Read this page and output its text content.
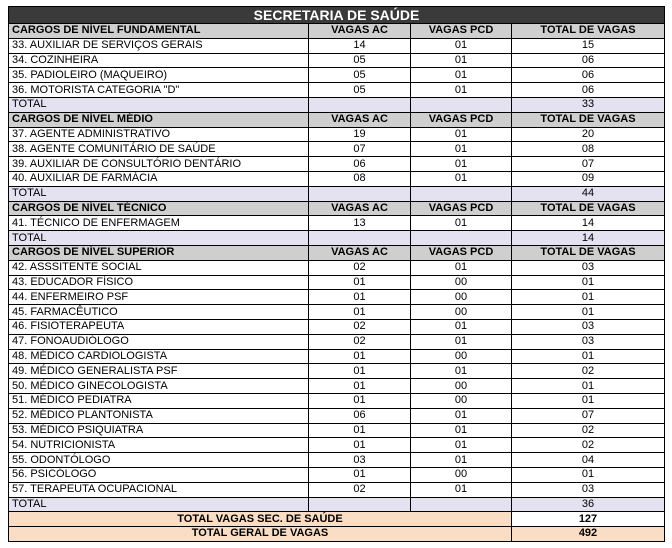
SECRETARIA DE SAÚDE			
CARGOS DE NÍVEL FUNDAMENTAL	VAGAS AC	VAGAS PCD	TOTAL DE VAGAS
33. AUXILIAR DE SERVIÇOS GERAIS	14	01	15
34. COZINHEIRA	05	01	06
35. PADIOLEIRO (MAQUEIRO)	05	01	06
36. MOTORISTA CATEGORIA "D"	05	01	06
TOTAL			33
CARGOS DE NÍVEL MÉDIO	VAGAS AC	VAGAS PCD	TOTAL DE VAGAS
37. AGENTE ADMINISTRATIVO	19	01	20
38. AGENTE COMUNITÁRIO DE SAÚDE	07	01	08
39. AUXILIAR DE CONSULTÓRIO DENTÁRIO	06	01	07
40. AUXILIAR DE FARMÁCIA	08	01	09
TOTAL			44
CARGOS DE NÍVEL TÉCNICO	VAGAS AC	VAGAS PCD	TOTAL DE VAGAS
41. TÉCNICO DE ENFERMAGEM	13	01	14
TOTAL			14
CARGOS DE NÍVEL SUPERIOR	VAGAS AC	VAGAS PCD	TOTAL DE VAGAS
42. ASSSITENTE SOCIAL	02	01	03
43. EDUCADOR FÍSICO	01	00	01
44. ENFERMEIRO PSF	01	00	01
45. FARMACÊUTICO	01	00	01
46. FISIOTERAPEUTA	02	01	03
47. FONOAUDIÓLOGO	02	01	03
48. MÉDICO CARDIOLOGISTA	01	00	01
49. MÉDICO GENERALISTA PSF	01	01	02
50. MÉDICO GINECOLOGISTA	01	00	01
51. MÉDICO PEDIATRA	01	00	01
52. MÉDICO PLANTONISTA	06	01	07
53. MÉDICO PSIQUIATRA	01	01	02
54. NUTRICIONISTA	01	01	02
55. ODONTÓLOGO	03	01	04
56. PSICÓLOGO	01	00	01
57. TERAPEUTA OCUPACIONAL	02	01	03
TOTAL			36
TOTAL VAGAS SEC. DE SAÚDE			127
TOTAL GERAL DE VAGAS			492
